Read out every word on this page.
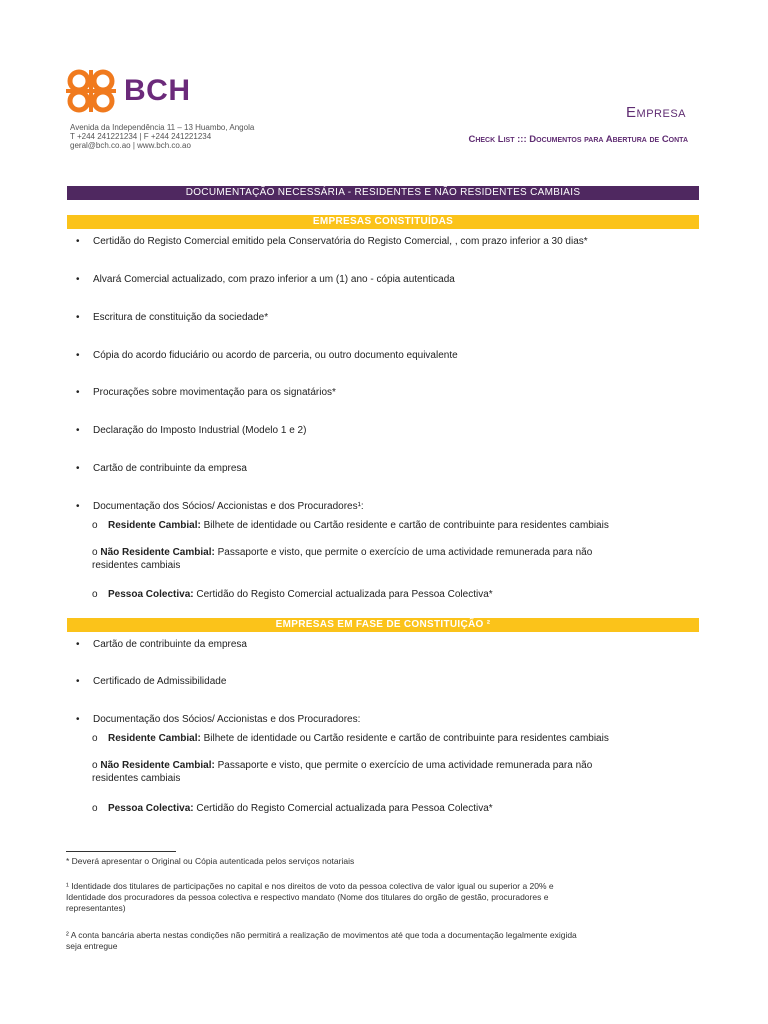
BCH
Avenida da Independência 11 – 13 Huambo, Angola
T +244 241221234 | F +244 241221234
geral@bch.co.ao | www.bch.co.ao
Empresa
Check List ::: Documentos para Abertura de Conta
DOCUMENTAÇÃO NECESSÁRIA - RESIDENTES E NÃO RESIDENTES CAMBIAIS
EMPRESAS CONSTITUÍDAS
• Certidão do Registo Comercial emitido pela Conservatória do Registo Comercial, , com prazo inferior a 30 dias*
• Alvará Comercial actualizado, com prazo inferior a um (1) ano - cópia autenticada
• Escritura de constituição da sociedade*
• Cópia do acordo fiduciário ou acordo de parceria, ou outro documento equivalente
• Procurações sobre movimentação para os signatários*
• Declaração do Imposto Industrial (Modelo 1 e 2)
• Cartão de contribuinte da empresa
• Documentação dos Sócios/ Accionistas e dos Procuradores¹:
o Residente Cambial: Bilhete de identidade ou Cartão residente e cartão de contribuinte para residentes cambiais
o Não Residente Cambial: Passaporte e visto, que permite o exercício de uma actividade remunerada para não
residentes cambiais
o Pessoa Colectiva: Certidão do Registo Comercial actualizada para Pessoa Colectiva*
EMPRESAS EM FASE DE CONSTITUIÇÃO ²
• Cartão de contribuinte da empresa
• Certificado de Admissibilidade
• Documentação dos Sócios/ Accionistas e dos Procuradores:
o Residente Cambial: Bilhete de identidade ou Cartão residente e cartão de contribuinte para residentes cambiais
o Não Residente Cambial: Passaporte e visto, que permite o exercício de uma actividade remunerada para não
residentes cambiais
o Pessoa Colectiva: Certidão do Registo Comercial actualizada para Pessoa Colectiva*
* Deverá apresentar o Original ou Cópia autenticada pelos serviços notariais
¹ Identidade dos titulares de participações no capital e nos direitos de voto da pessoa colectiva de valor igual ou superior a 20% e
Identidade dos procuradores da pessoa colectiva e respectivo mandato (Nome dos titulares do orgão de gestão, procuradores e
representantes)
² A conta bancária aberta nestas condições não permitirá a realização de movimentos até que toda a documentação legalmente exigida
seja entregue
